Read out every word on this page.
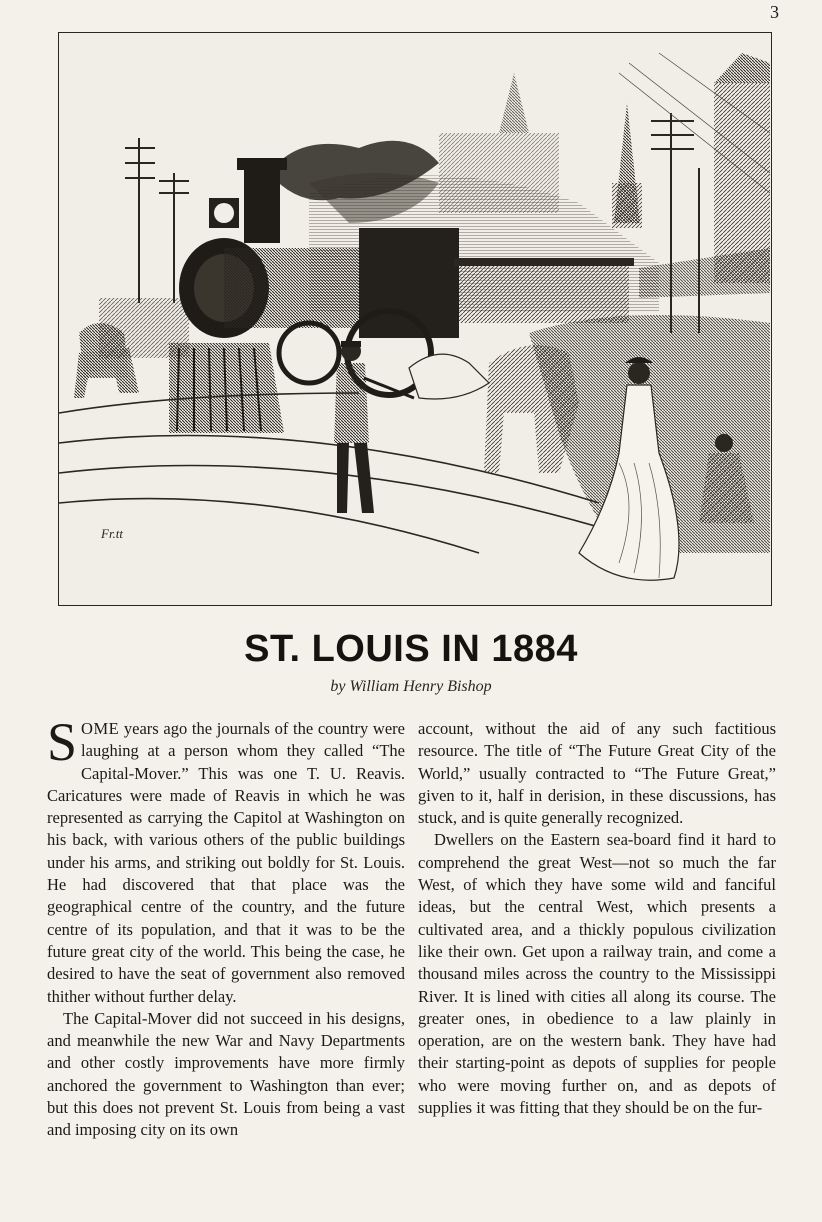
3
Fr.tt
ST. LOUIS IN 1884
by William Henry Bishop

SOME years ago the journals of the country were laughing at a person whom they called “The Capital-Mover.” This was one T. U. Reavis. Caricatures were made of Reavis in which he was represented as carrying the Capitol at Washington on his back, with various others of the public buildings under his arms, and striking out boldly for St. Louis. He had discovered that that place was the geographical centre of the country, and the future centre of its population, and that it was to be the future great city of the world. This being the case, he desired to have the seat of government also removed thither without further delay.

The Capital-Mover did not succeed in his designs, and meanwhile the new War and Navy Departments and other costly improvements have more firmly anchored the government to Washington than ever; but this does not prevent St. Louis from being a vast and imposing city on its own

account, without the aid of any such factitious resource. The title of “The Future Great City of the World,” usually contracted to “The Future Great,” given to it, half in derision, in these discussions, has stuck, and is quite generally recognized.

Dwellers on the Eastern sea-board find it hard to comprehend the great West—not so much the far West, of which they have some wild and fanciful ideas, but the central West, which presents a cultivated area, and a thickly populous civilization like their own. Get upon a railway train, and come a thousand miles across the country to the Mississippi River. It is lined with cities all along its course. The greater ones, in obedience to a law plainly in operation, are on the western bank. They have had their starting-point as depots of supplies for people who were moving further on, and as depots of supplies it was fitting that they should be on the fur-
